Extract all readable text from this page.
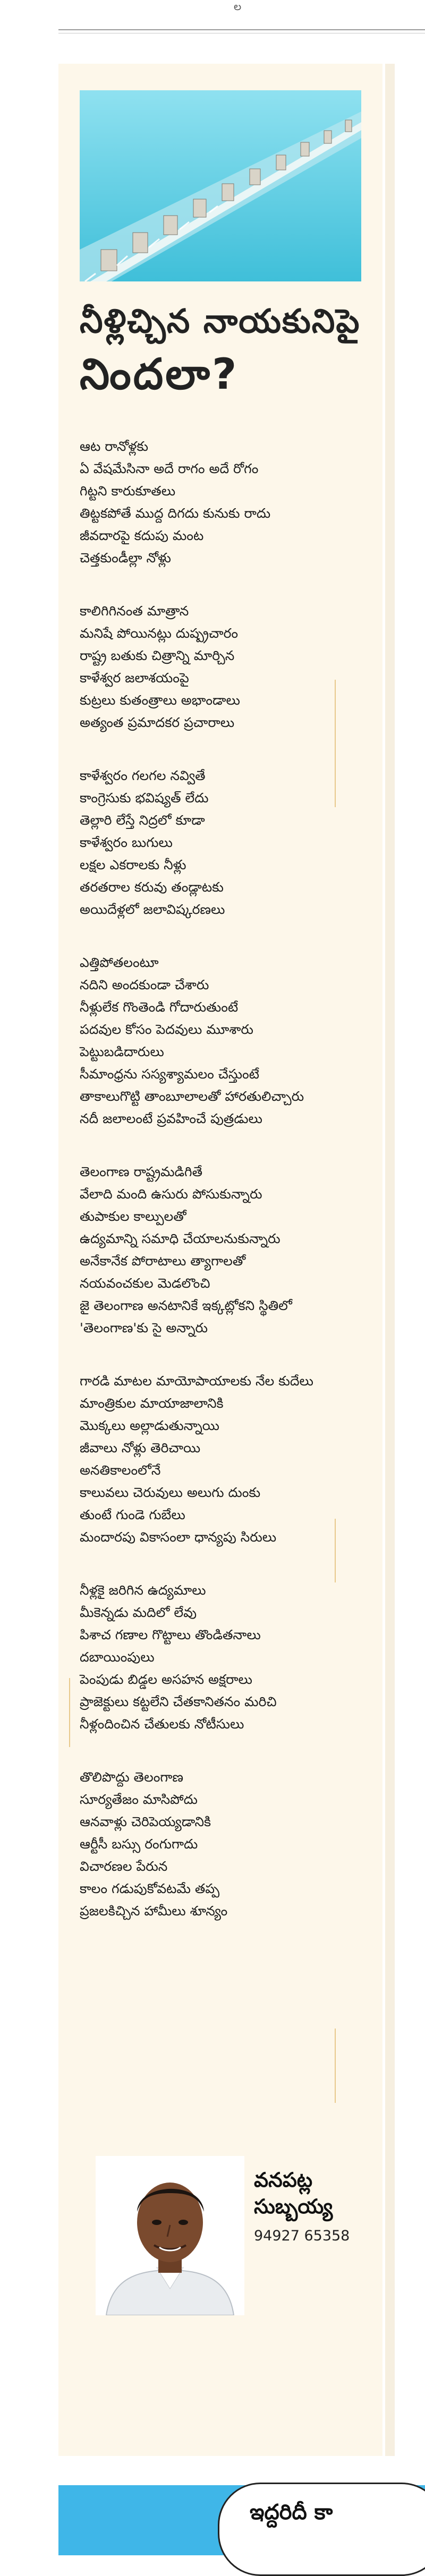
ల
నీళ్లిచ్చిన నాయకునిపై
నిందలా?
ఆట రానోళ్లకు
ఏ వేషమేసినా అదే రాగం అదే రోగం
గిట్టని కారుకూతలు
తిట్టకపోతే ముద్ద దిగదు కునుకు రాదు
జీవదారపై కదుపు మంట
చెత్తకుండీల్లా నోళ్లు
కాలిగిగినంత మాత్రాన
మనిషే పోయినట్లు దుష్ప్రచారం
రాష్ట్ర బతుకు చిత్రాన్ని మార్చిన
కాళేశ్వర జలాశయంపై
కుట్రలు కుతంత్రాలు అభాండాలు
అత్యంత ప్రమాదకర ప్రచారాలు
కాళేశ్వరం గలగల నవ్వితే
కాంగ్రెసుకు భవిష్యత్ లేదు
తెల్లారి లేస్తే నిద్రలో కూడా
కాళేశ్వరం బుగులు
లక్షల ఎకరాలకు నీళ్లు
తరతరాల కరువు తండ్లాటకు
అయిదేళ్లలో జలావిష్కరణలు
ఎత్తిపోతలంటూ
నదిని అందకుండా చేశారు
నీళ్లులేక గొంతెండి గోదారుతుంటే
పదవుల కోసం పెదవులు మూశారు
పెట్టుబడిదారులు
సీమాంధ్రను సస్యశ్యామలం చేస్తుంటే
తాకాలుగొట్టి తాంబూలాలతో హారతులిచ్చారు
నదీ జలాలంటే ప్రవహించే పుత్రడులు
తెలంగాణ రాష్ట్రమడిగితే
వేలాది మంది ఉసురు పోసుకున్నారు
తుపాకుల కాల్పులతో
ఉద్యమాన్ని సమాధి చేయాలనుకున్నారు
అనేకానేక పోరాటాలు త్యాగాలతో
నయవంచకుల మెడలొంచి
జై తెలంగాణ అనటానికే ఇక్కట్లోకని స్థితిలో
'తెలంగాణ'కు సై అన్నారు
గారడి మాటల మాయోపాయాలకు నేల కుదేలు
మాంత్రికుల మాయాజాలానికి
మొక్కలు అల్లాడుతున్నాయి
జీవాలు నోళ్లు తెరిచాయి
అనతికాలంలోనే
కాలువలు చెరువులు అలుగు దుంకు
తుంటే గుండె గుబేలు
మందారపు వికాసంలా ధాన్యపు సిరులు
నీళ్లకై జరిగిన ఉద్యమాలు
మీకెన్నడు మదిలో లేవు
పిశాచ గణాల గొట్టాలు తొండితనాలు
దబాయింపులు
పెంపుడు బిడ్డల అసహన అక్షరాలు
ప్రాజెక్టులు కట్టలేని చేతకానితనం మరిచి
నీళ్లందించిన చేతులకు నోటీసులు
తొలిపొద్దు తెలంగాణ
సూర్యతేజం మాసిపోదు
ఆనవాళ్లు చెరిపెయ్యడానికి
ఆర్టీసీ బస్సు రంగుగాదు
విచారణల పేరున
కాలం గడుపుకోవటమే తప్ప
ప్రజలకిచ్చిన హామీలు శూన్యం
వనపట్ల
సుబ్బయ్య
94927 65358
ఇద్దరిదీ కా
